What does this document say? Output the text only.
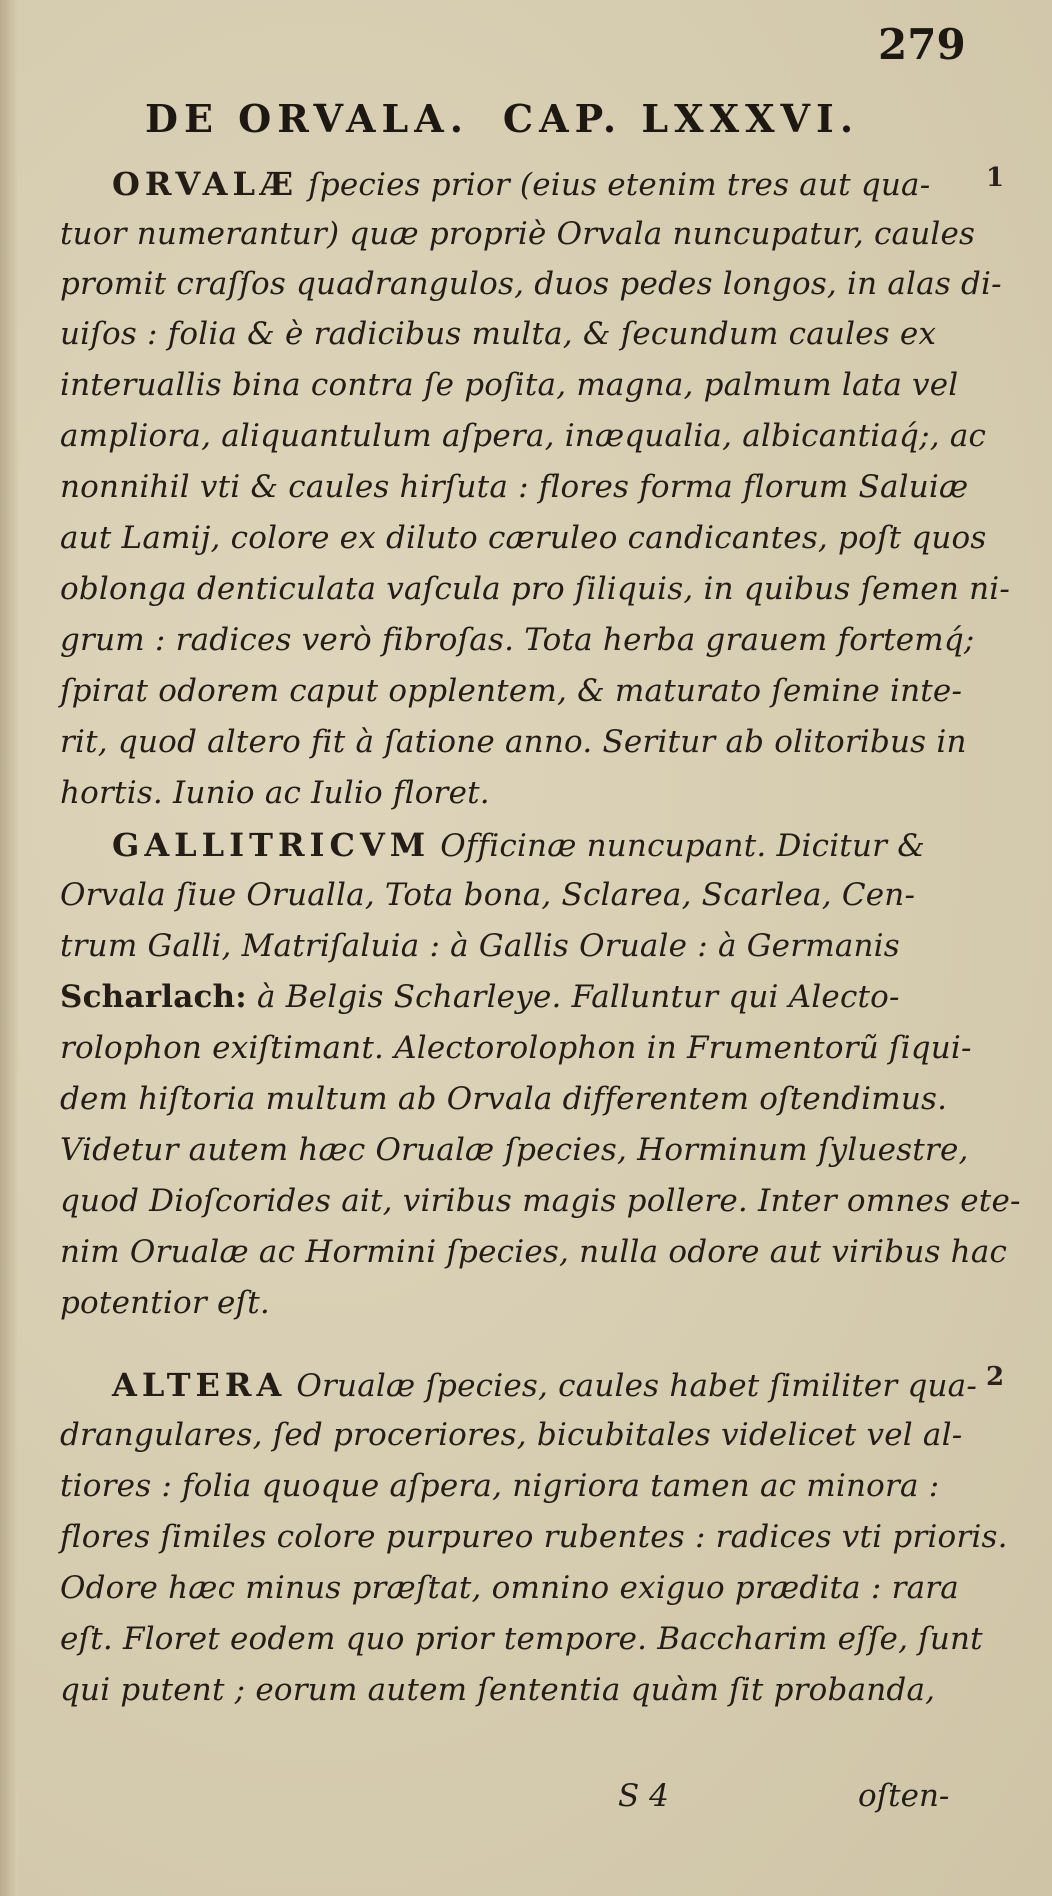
279
DE ORVALA. CAP. LXXXVI.
ORVALÆ ſpecies prior (eius etenim tres aut qua- 1
tuor numerantur) quæ propriè Orvala nuncupatur, caules
promit craſſos quadrangulos, duos pedes longos, in alas di-
uiſos : folia & è radicibus multa, & ſecundum caules ex
interuallis bina contra ſe poſita, magna, palmum lata vel
ampliora, aliquantulum aſpera, inæqualia, albicantiaq́;, ac
nonnihil vti & caules hirſuta : flores forma florum Saluiæ
aut Lamij, colore ex diluto cæruleo candicantes, poſt quos
oblonga denticulata vaſcula pro ſiliquis, in quibus ſemen ni-
grum : radices verò fibroſas. Tota herba grauem fortemq́;
ſpirat odorem caput opplentem, & maturato ſemine inte-
rit, quod altero fit à ſatione anno. Seritur ab olitoribus in
hortis. Iunio ac Iulio floret.
GALLITRICVM Officinæ nuncupant. Dicitur &
Orvala ſiue Orualla, Tota bona, Sclarea, Scarlea, Cen-
trum Galli, Matriſaluia : à Gallis Oruale : à Germanis
Scharlach: à Belgis Scharleye. Falluntur qui Alecto-
rolophon exiſtimant. Alectorolophon in Frumentorũ ſiqui-
dem hiſtoria multum ab Orvala differentem oſtendimus.
Videtur autem hæc Orualæ ſpecies, Horminum ſyluestre,
quod Dioſcorides ait, viribus magis pollere. Inter omnes ete-
nim Orualæ ac Hormini ſpecies, nulla odore aut viribus hac
potentior eſt.
ALTERA Orualæ ſpecies, caules habet ſimiliter qua- 2
drangulares, ſed proceriores, bicubitales videlicet vel al-
tiores : folia quoque aſpera, nigriora tamen ac minora :
flores ſimiles colore purpureo rubentes : radices vti prioris.
Odore hæc minus præſtat, omnino exiguo prædita : rara
eſt. Floret eodem quo prior tempore. Baccharim eſſe, ſunt
qui putent ; eorum autem ſententia quàm ſit probanda,
S 4	oſten-
